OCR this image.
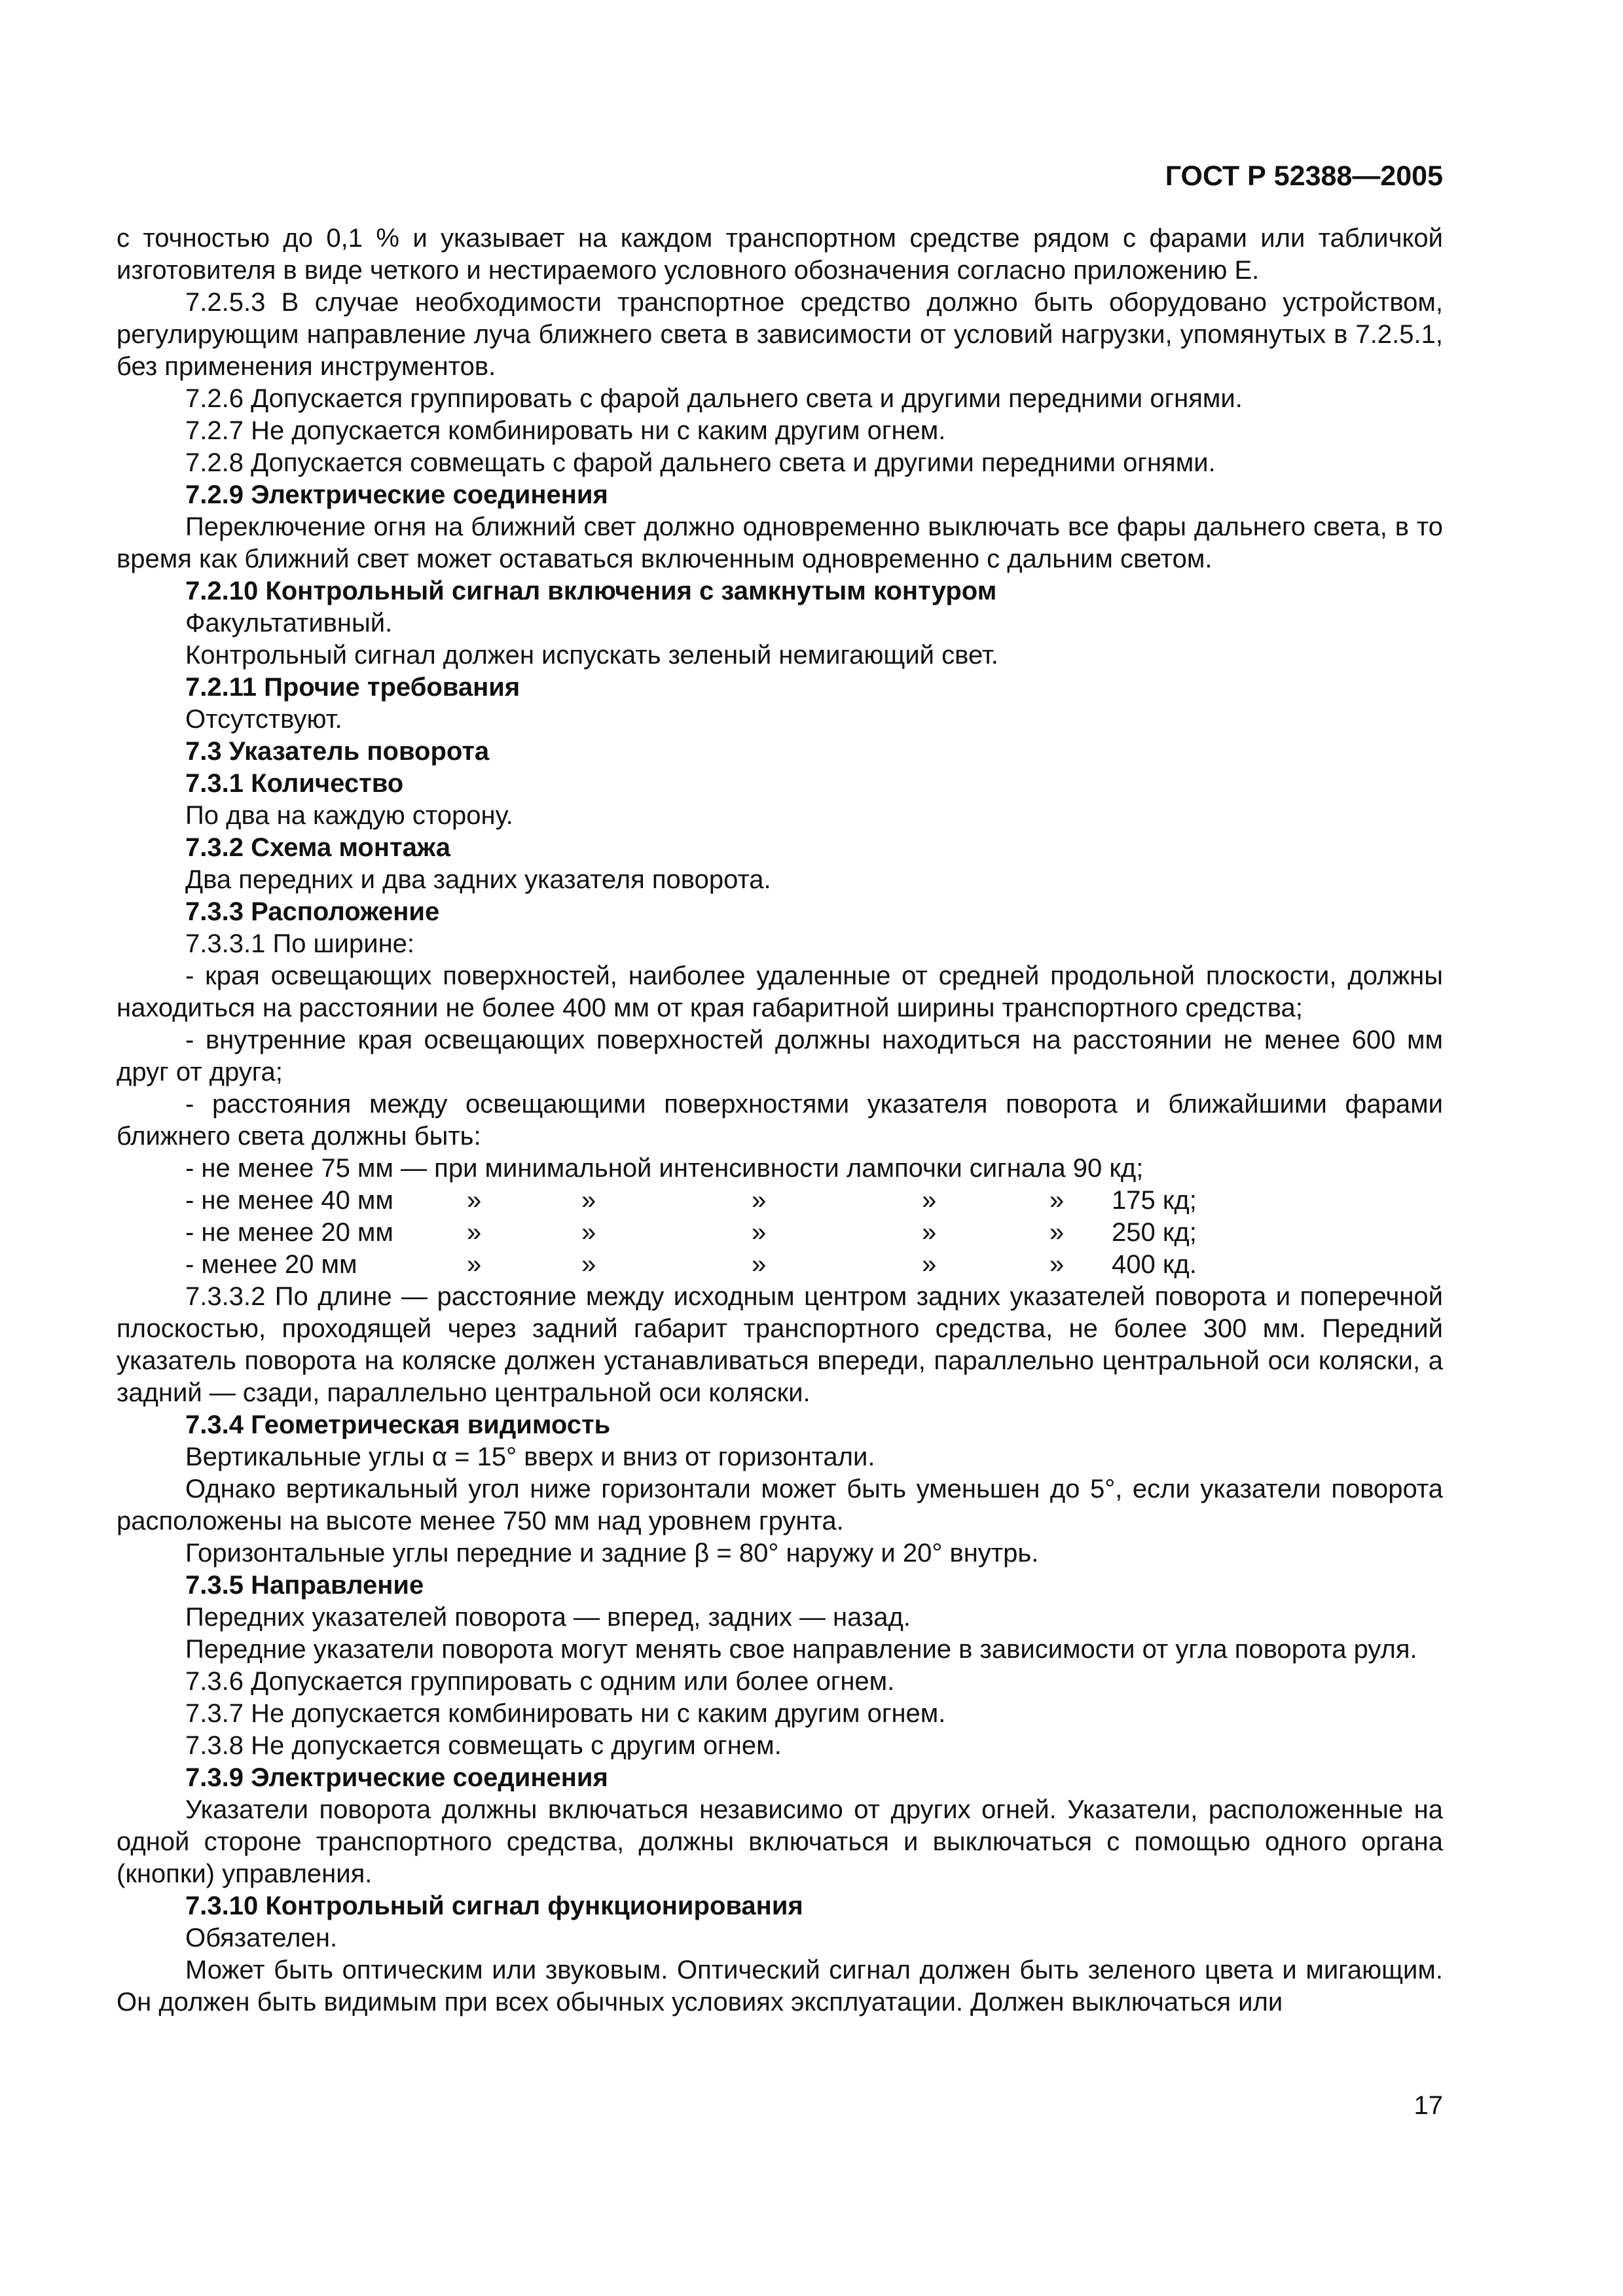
ГОСТ Р 52388—2005
с точностью до 0,1 % и указывает на каждом транспортном средстве рядом с фарами или табличкой изготовителя в виде четкого и нестираемого условного обозначения согласно приложению Е.
7.2.5.3 В случае необходимости транспортное средство должно быть оборудовано устройством, регулирующим направление луча ближнего света в зависимости от условий нагрузки, упомянутых в 7.2.5.1, без применения инструментов.
7.2.6 Допускается группировать с фарой дальнего света и другими передними огнями.
7.2.7 Не допускается комбинировать ни с каким другим огнем.
7.2.8 Допускается совмещать с фарой дальнего света и другими передними огнями.
7.2.9 Электрические соединения
Переключение огня на ближний свет должно одновременно выключать все фары дальнего света, в то время как ближний свет может оставаться включенным одновременно с дальним светом.
7.2.10 Контрольный сигнал включения с замкнутым контуром
Факультативный.
Контрольный сигнал должен испускать зеленый немигающий свет.
7.2.11 Прочие требования
Отсутствуют.
7.3 Указатель поворота
7.3.1 Количество
По два на каждую сторону.
7.3.2 Схема монтажа
Два передних и два задних указателя поворота.
7.3.3 Расположение
7.3.3.1 По ширине:
- края освещающих поверхностей, наиболее удаленные от средней продольной плоскости, должны находиться на расстоянии не более 400 мм от края габаритной ширины транспортного средства;
- внутренние края освещающих поверхностей должны находиться на расстоянии не менее 600 мм друг от друга;
- расстояния между освещающими поверхностями указателя поворота и ближайшими фарами ближнего света должны быть:
- не менее 75 мм — при минимальной интенсивности лампочки сигнала 90 кд;
- не менее 40 мм	»	»	»	»	»	175 кд;
- не менее 20 мм	»	»	»	»	»	250 кд;
- менее 20 мм	»	»	»	»	»	400 кд.
7.3.3.2 По длине — расстояние между исходным центром задних указателей поворота и поперечной плоскостью, проходящей через задний габарит транспортного средства, не более 300 мм. Передний указатель поворота на коляске должен устанавливаться впереди, параллельно центральной оси коляски, а задний — сзади, параллельно центральной оси коляски.
7.3.4 Геометрическая видимость
Вертикальные углы α = 15° вверх и вниз от горизонтали.
Однако вертикальный угол ниже горизонтали может быть уменьшен до 5°, если указатели поворота расположены на высоте менее 750 мм над уровнем грунта.
Горизонтальные углы передние и задние β = 80° наружу и 20° внутрь.
7.3.5 Направление
Передних указателей поворота — вперед, задних — назад.
Передние указатели поворота могут менять свое направление в зависимости от угла поворота руля.
7.3.6 Допускается группировать с одним или более огнем.
7.3.7 Не допускается комбинировать ни с каким другим огнем.
7.3.8 Не допускается совмещать с другим огнем.
7.3.9 Электрические соединения
Указатели поворота должны включаться независимо от других огней. Указатели, расположенные на одной стороне транспортного средства, должны включаться и выключаться с помощью одного органа (кнопки) управления.
7.3.10 Контрольный сигнал функционирования
Обязателен.
Может быть оптическим или звуковым. Оптический сигнал должен быть зеленого цвета и мигающим. Он должен быть видимым при всех обычных условиях эксплуатации. Должен выключаться или
17
